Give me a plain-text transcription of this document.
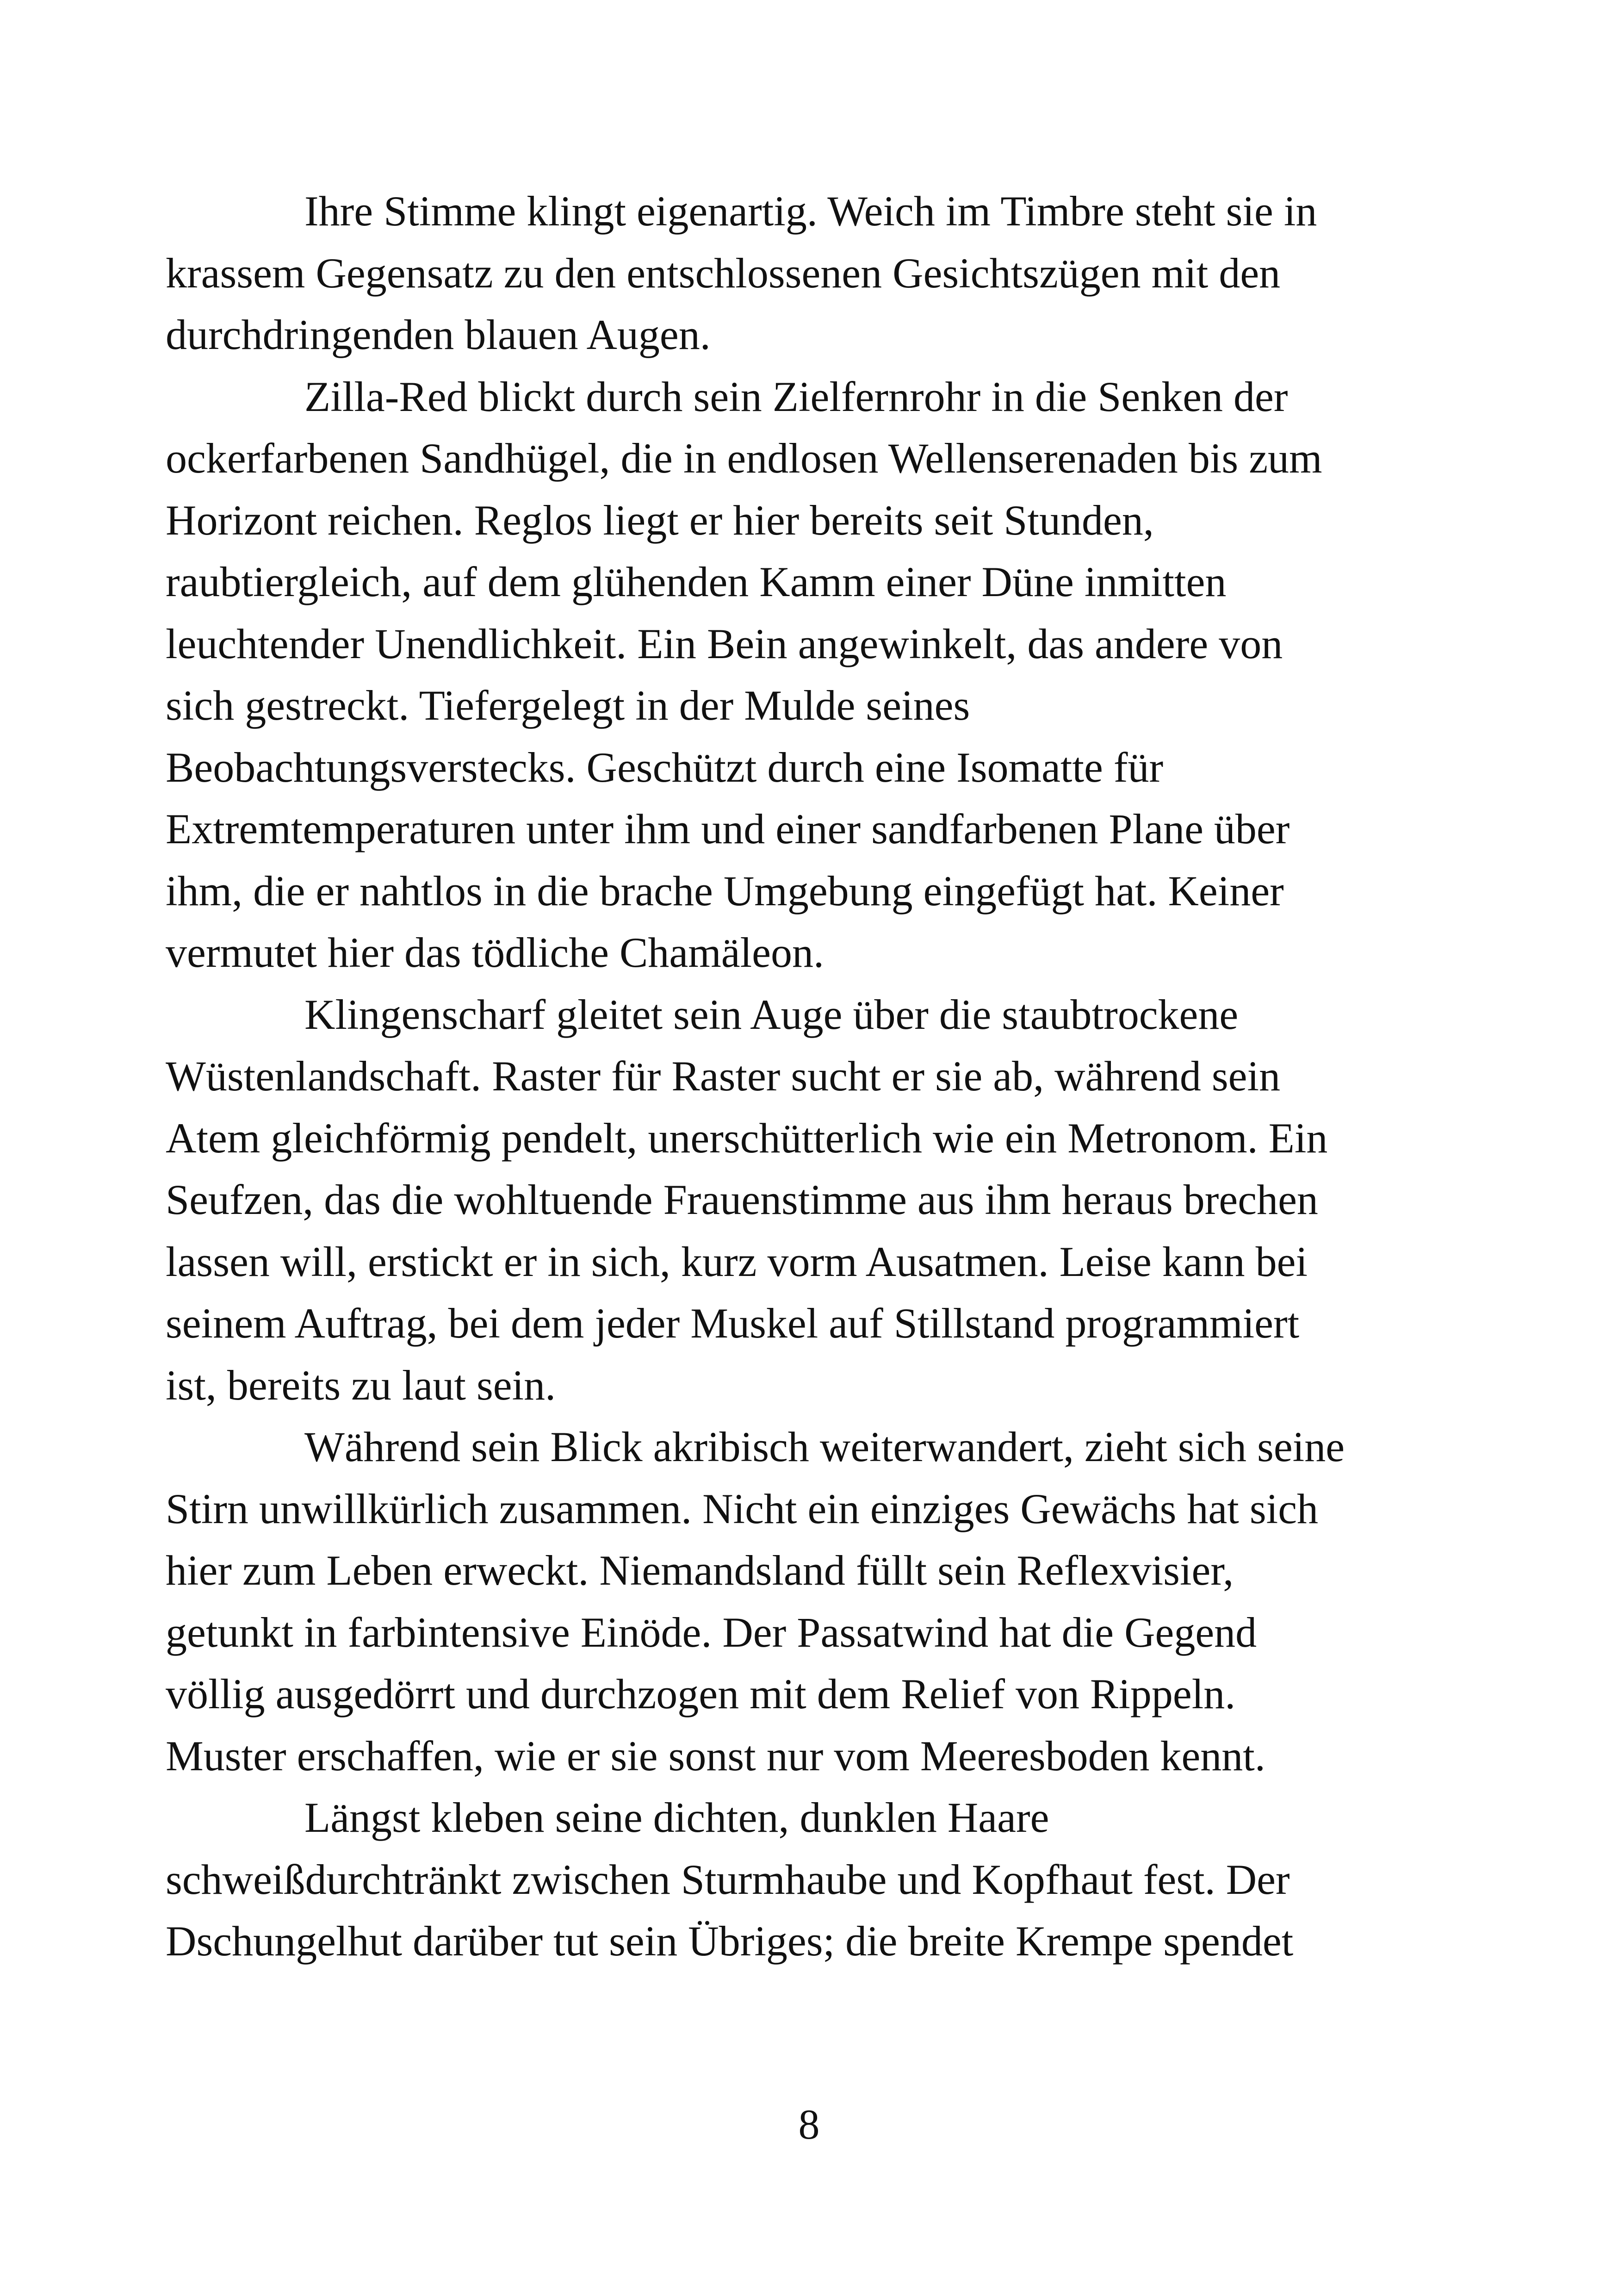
Ihre Stimme klingt eigenartig. Weich im Timbre steht sie in
krassem Gegensatz zu den entschlossenen Gesichtszügen mit den
durchdringenden blauen Augen.
Zilla-Red blickt durch sein Zielfernrohr in die Senken der
ockerfarbenen Sandhügel, die in endlosen Wellenserenaden bis zum
Horizont reichen. Reglos liegt er hier bereits seit Stunden,
raubtiergleich, auf dem glühenden Kamm einer Düne inmitten
leuchtender Unendlichkeit. Ein Bein angewinkelt, das andere von
sich gestreckt. Tiefergelegt in der Mulde seines
Beobachtungsverstecks. Geschützt durch eine Isomatte für
Extremtemperaturen unter ihm und einer sandfarbenen Plane über
ihm, die er nahtlos in die brache Umgebung eingefügt hat. Keiner
vermutet hier das tödliche Chamäleon.
Klingenscharf gleitet sein Auge über die staubtrockene
Wüstenlandschaft. Raster für Raster sucht er sie ab, während sein
Atem gleichförmig pendelt, unerschütterlich wie ein Metronom. Ein
Seufzen, das die wohltuende Frauenstimme aus ihm heraus brechen
lassen will, erstickt er in sich, kurz vorm Ausatmen. Leise kann bei
seinem Auftrag, bei dem jeder Muskel auf Stillstand programmiert
ist, bereits zu laut sein.
Während sein Blick akribisch weiterwandert, zieht sich seine
Stirn unwillkürlich zusammen. Nicht ein einziges Gewächs hat sich
hier zum Leben erweckt. Niemandsland füllt sein Reflexvisier,
getunkt in farbintensive Einöde. Der Passatwind hat die Gegend
völlig ausgedörrt und durchzogen mit dem Relief von Rippeln.
Muster erschaffen, wie er sie sonst nur vom Meeresboden kennt.
Längst kleben seine dichten, dunklen Haare
schweißdurchtränkt zwischen Sturmhaube und Kopfhaut fest. Der
Dschungelhut darüber tut sein Übriges; die breite Krempe spendet
8
